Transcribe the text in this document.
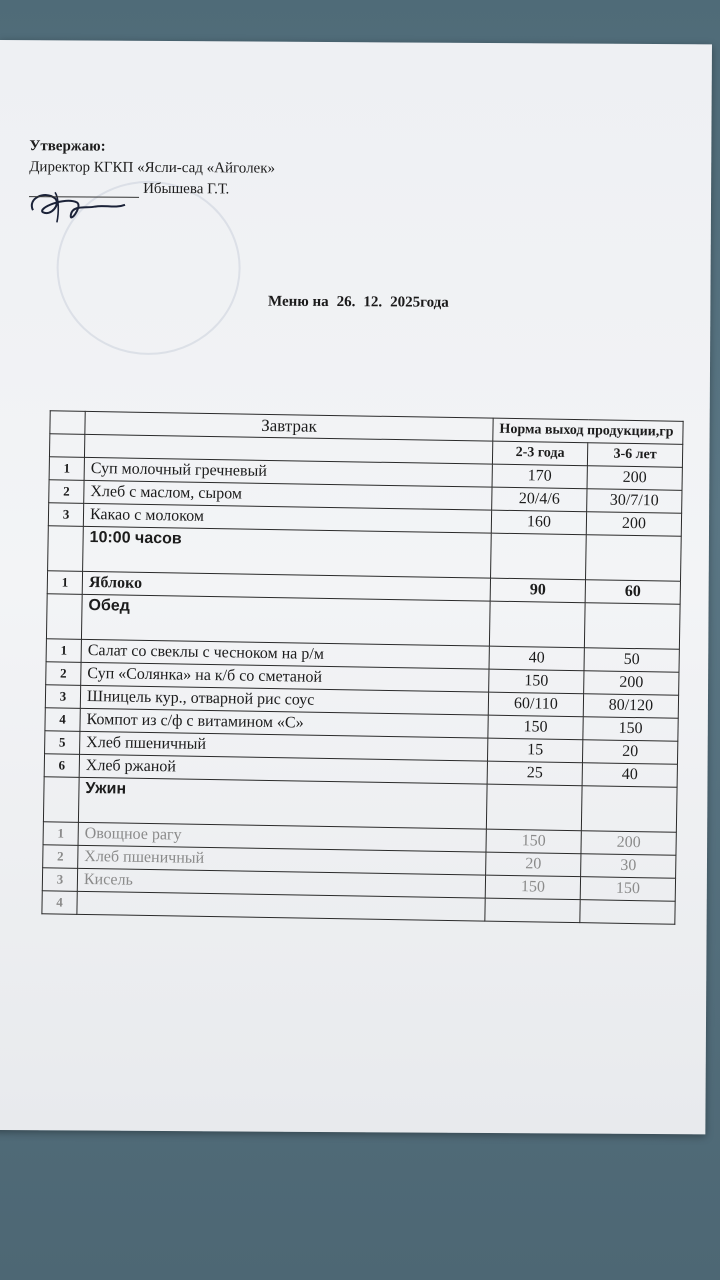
Утвержаю:
Директор КГКП «Ясли-сад «Айголек»
Ибышева Г.Т.
Меню на 26. 12. 2025года
	Завтрак	Норма выход продукции,гр	
		2-3 года	3-6 лет
1	Суп молочный гречневый	170	200
2	Хлеб с маслом, сыром	20/4/6	30/7/10
3	Какао с молоком	160	200
	10:00 часов		
1	Яблоко	90	60
	Обед		
1	Салат со свеклы с чесноком на р/м	40	50
2	Суп «Солянка» на к/б со сметаной	150	200
3	Шницель кур., отварной рис соус	60/110	80/120
4	Компот из с/ф с витамином «С»	150	150
5	Хлеб пшеничный	15	20
6	Хлеб ржаной	25	40
	Ужин		
1	Овощное рагу	150	200
2	Хлеб пшеничный	20	30
3	Кисель	150	150
4			
